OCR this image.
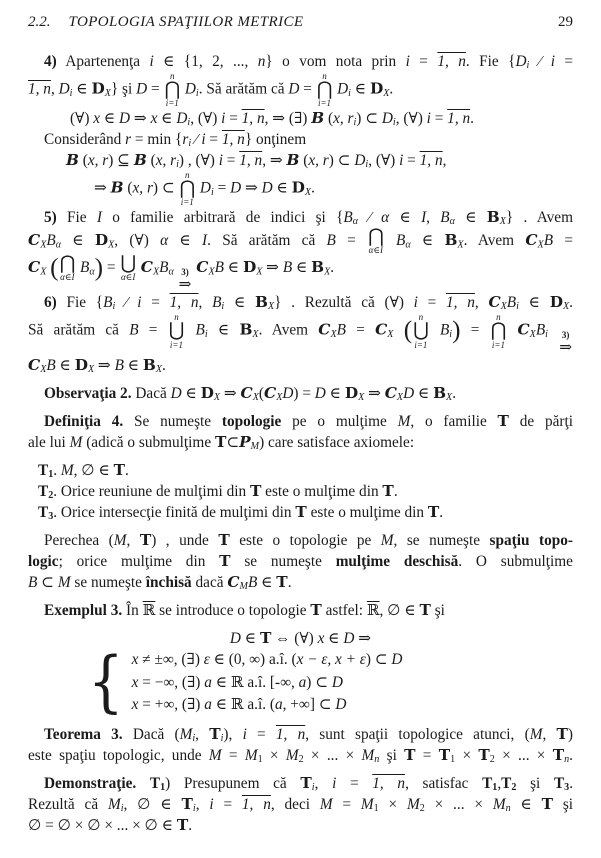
2.2. TOPOLOGIA SPAŢIILOR METRICE	29
4) Apartenenţa i ∈ {1, 2, ..., n} o vom nota prin i = 1, n. Fie {$D_i$ ∕ i =
1, n, $D_i$ ∈ $D_X$} şi D =
n
⋂
i=1
$D_i$. Să arătăm că D =
n
⋂
i=1
$D_i$ ∈ $D_X$.
(∀) x ∈ D ⇒ x ∈ $D_i$, (∀) i = 1, n, ⇒ (∃) B (x, $r_i$) ⊂ $D_i$, (∀) i = 1, n.
Considerând $r = \min \{r_i$ ∕ i = 1, n} onţinem
B (x, r) ⊆ B (x, $r_i$) , (∀) i = 1, n, ⇒ B (x, r) ⊂ $D_i$, (∀) i = 1, n,
⇒ B (x, r) ⊂
n
⋂
i=1
$D_i = D$ ⇒ D ∈ $D_X$.
5) Fie I o familie arbitrară de indici şi {$B_\alpha$ ∕ α ∈ I, $B_\alpha$ ∈ $B_X$} . Avem
$C_XB_\alpha$ ∈ $D_X$, (∀) α ∈ I. Să arătăm că B = ⋂
α∈I
$B_\alpha$ ∈ $B_X$. Avem $C_XB$ =
$C_X$ ( ⋂
α∈I
$B_\alpha$) = ⋃
α∈I
$C_XB_\alpha$ 3)
⇒
$C_XB$ ∈ $D_X$ ⇒ B ∈ $B_X$.
6) Fie {$B_i$ ∕ i = 1, n, $B_i$ ∈ $B_X$} . Rezultă că (∀) i = 1, n, $C_XB_i$ ∈ $D_X$.
Să arătăm că B =
n
⋃
i=1
$B_i$ ∈ $B_X$. Avem $C_XB = C_X$ (
n
⋃
i=1
$B_i$) =
n
⋂
i=1
$C_XB_i$ 3)
⇒
$C_XB$ ∈ $D_X$ ⇒ B ∈ $B_X$.
Observaţia 2. Dacă D ∈ $D_X$ ⇒ $C_X(C_XD) = D$ ∈ $D_X$ ⇒ $C_XD$ ∈ $B_X$.
Definiţia 4. Se numeşte topologie pe o mulţime M, o familie T de părţi
ale lui M (adică o submulţime $T\subset P_M$) care satisface axiomele:
$T_1$. M, ∅ ∈ T.
$T_2$. Orice reuniune de mulţimi din T este o mulţime din T.
$T_3$. Orice intersecţie finită de mulţimi din T este o mulţime din T.
Perechea (M, T) , unde T este o topologie pe M, se numeşte spaţiu topo-
logic; orice mulţime din T se numeşte mulţime deschisă. O submulţime
B ⊂ M se numeşte închisă dacă $C_MB$ ∈ T.
Exemplul 3. În ℝ se introduce o topologie T astfel: ℝ, ∅ ∈ T şi
D ∈ T ⇔ (∀) x ∈ D ⇒
{ x ≠ ±∞, (∃) ε ∈ (0, ∞) a.î. (x − ε, x + ε) ⊂ D
x = −∞, (∃) a ∈ ℝ a.î. [-∞, a) ⊂ D
x = +∞, (∃) a ∈ ℝ a.î. (a, +∞] ⊂ D
Teorema 3. Dacă ($M_i$, $T_i$), i = 1, n, sunt spaţii topologice atunci, (M, T)
este spaţiu topologic, unde $M = M_1 \times M_2$ × ... × $M_n$ şi $T = T_1 \times T_2$ × ... × $T_n$.
Demonstraţie. $T_1$) Presupunem că $T_i$, i = 1, n, satisfac $T_1,T_2$ şi $T_3$.
Rezultă că $M_i$, ∅ ∈ $T_i$, i = 1, n, deci $M = M_1 \times M_2$ × ... × $M_n$ ∈ T şi
∅ = ∅ × ∅ × ... × ∅ ∈ T.
